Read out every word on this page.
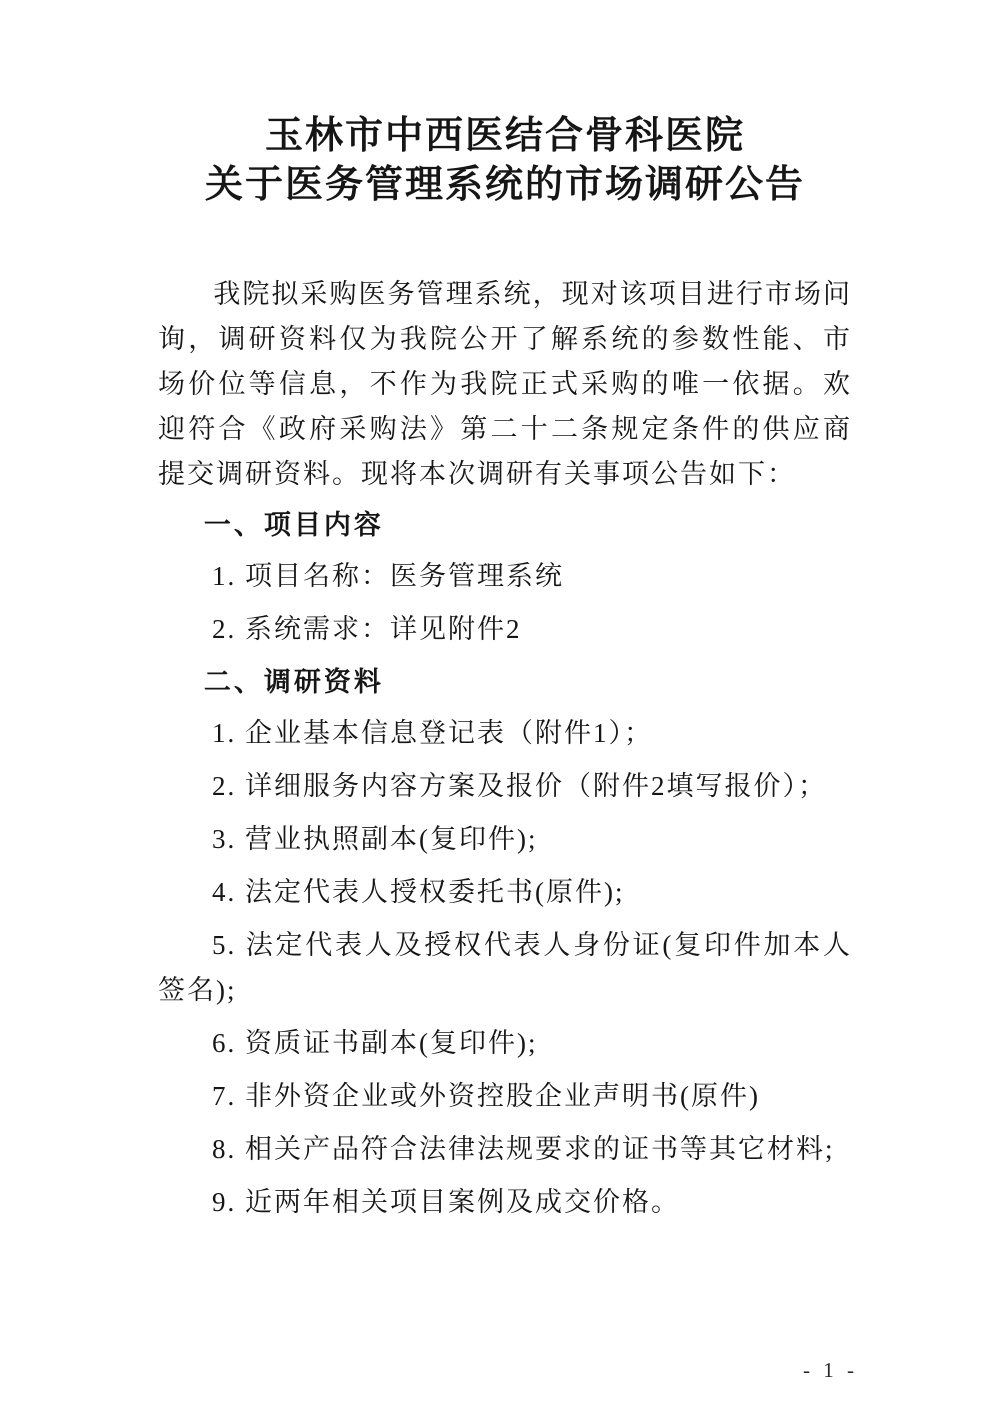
玉林市中西医结合骨科医院
关于医务管理系统的市场调研公告

我院拟采购医务管理系统，现对该项目进行市场问询，调研资料仅为我院公开了解系统的参数性能、市场价位等信息，不作为我院正式采购的唯一依据。欢迎符合《政府采购法》第二十二条规定条件的供应商提交调研资料。现将本次调研有关事项公告如下：

一、项目内容

1. 项目名称：医务管理系统

2. 系统需求：详见附件2

二、调研资料

1. 企业基本信息登记表（附件1）；

2. 详细服务内容方案及报价（附件2填写报价）；

3. 营业执照副本(复印件);

4. 法定代表人授权委托书(原件);

5. 法定代表人及授权代表人身份证(复印件加本人签名);

6. 资质证书副本(复印件);

7. 非外资企业或外资控股企业声明书(原件)

8. 相关产品符合法律法规要求的证书等其它材料;

9. 近两年相关项目案例及成交价格。

- 1 -
